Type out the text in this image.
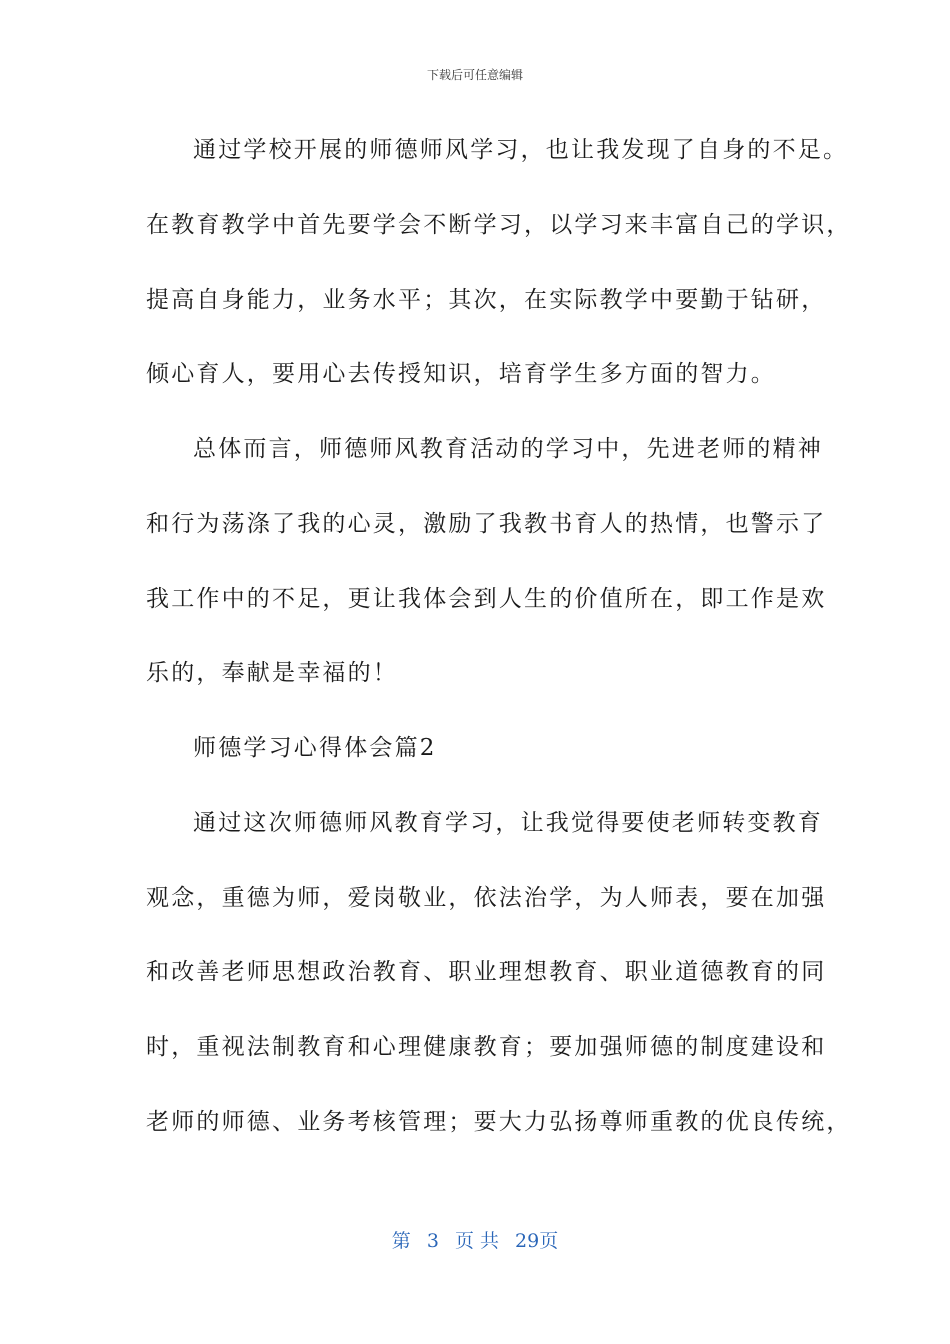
下载后可任意编辑
通过学校开展的师德师风学习，也让我发现了自身的不足。
在教育教学中首先要学会不断学习，以学习来丰富自己的学识，
提高自身能力，业务水平；其次，在实际教学中要勤于钻研，
倾心育人，要用心去传授知识，培育学生多方面的智力。
总体而言，师德师风教育活动的学习中，先进老师的精神
和行为荡涤了我的心灵，激励了我教书育人的热情，也警示了
我工作中的不足，更让我体会到人生的价值所在，即工作是欢
乐的，奉献是幸福的！
师德学习心得体会篇2
通过这次师德师风教育学习，让我觉得要使老师转变教育
观念，重德为师，爱岗敬业，依法治学，为人师表，要在加强
和改善老师思想政治教育、职业理想教育、职业道德教育的同
时，重视法制教育和心理健康教育；要加强师德的制度建设和
老师的师德、业务考核管理；要大力弘扬尊师重教的优良传统，
第 3 页 共 29页
